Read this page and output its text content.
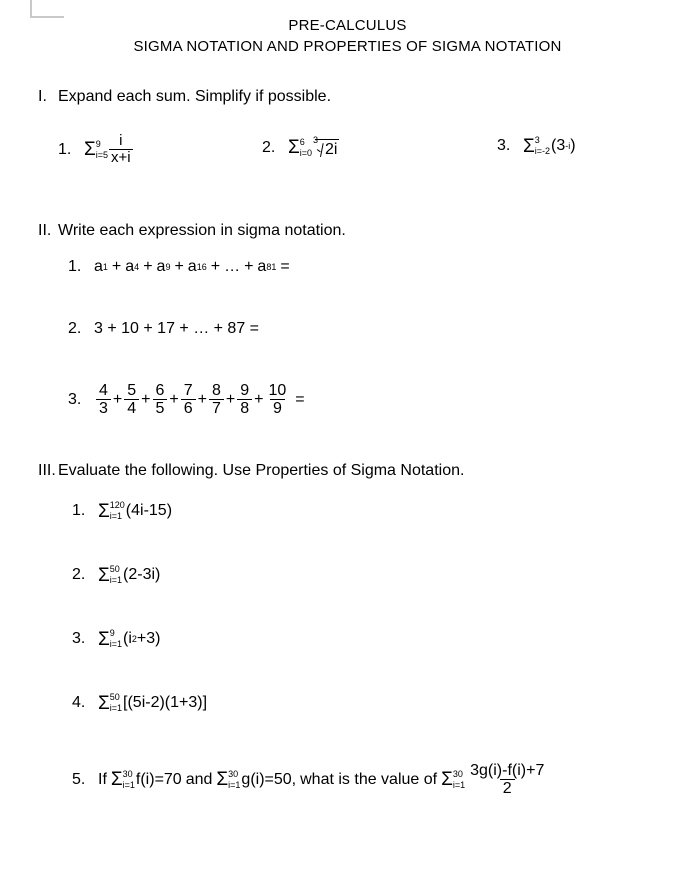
PRE-CALCULUS
SIGMA NOTATION AND PROPERTIES OF SIGMA NOTATION
I. Expand each sum. Simplify if possible.
1. Σ 9
$i=5 \frac{i}{x+i}$	2. Σ 6
i=0
3
2i	3. Σ 3
i=-2 ( 3 -i )
II. Write each expression in sigma notation.
1. a 1 + a 4 + a 9 + a 16 + … + a 81 =
2. 3 + 10 + 17 + … + 87 =
3. $\frac{4}{3} + \frac{5}{4} + \frac{6}{5} + \frac{7}{6} + \frac{8}{7} + \frac{9}{8} + \frac{10}{9}$ =
III. Evaluate the following. Use Properties of Sigma Notation.
1. Σ 120
i=1 (4i-15)
2. Σ 50
i=1 (2-3i)
3. Σ 9
i=1 (i 2 +3)
4. Σ 50
i=1 [(5i-2)(1+3)]
5. If Σ 30
i=1 f(i)=70 and Σ 30
i=1 g(i)=50, what is the value of Σ 30
$i=1 \frac{3g(i)-f(i)+7}{2}$
